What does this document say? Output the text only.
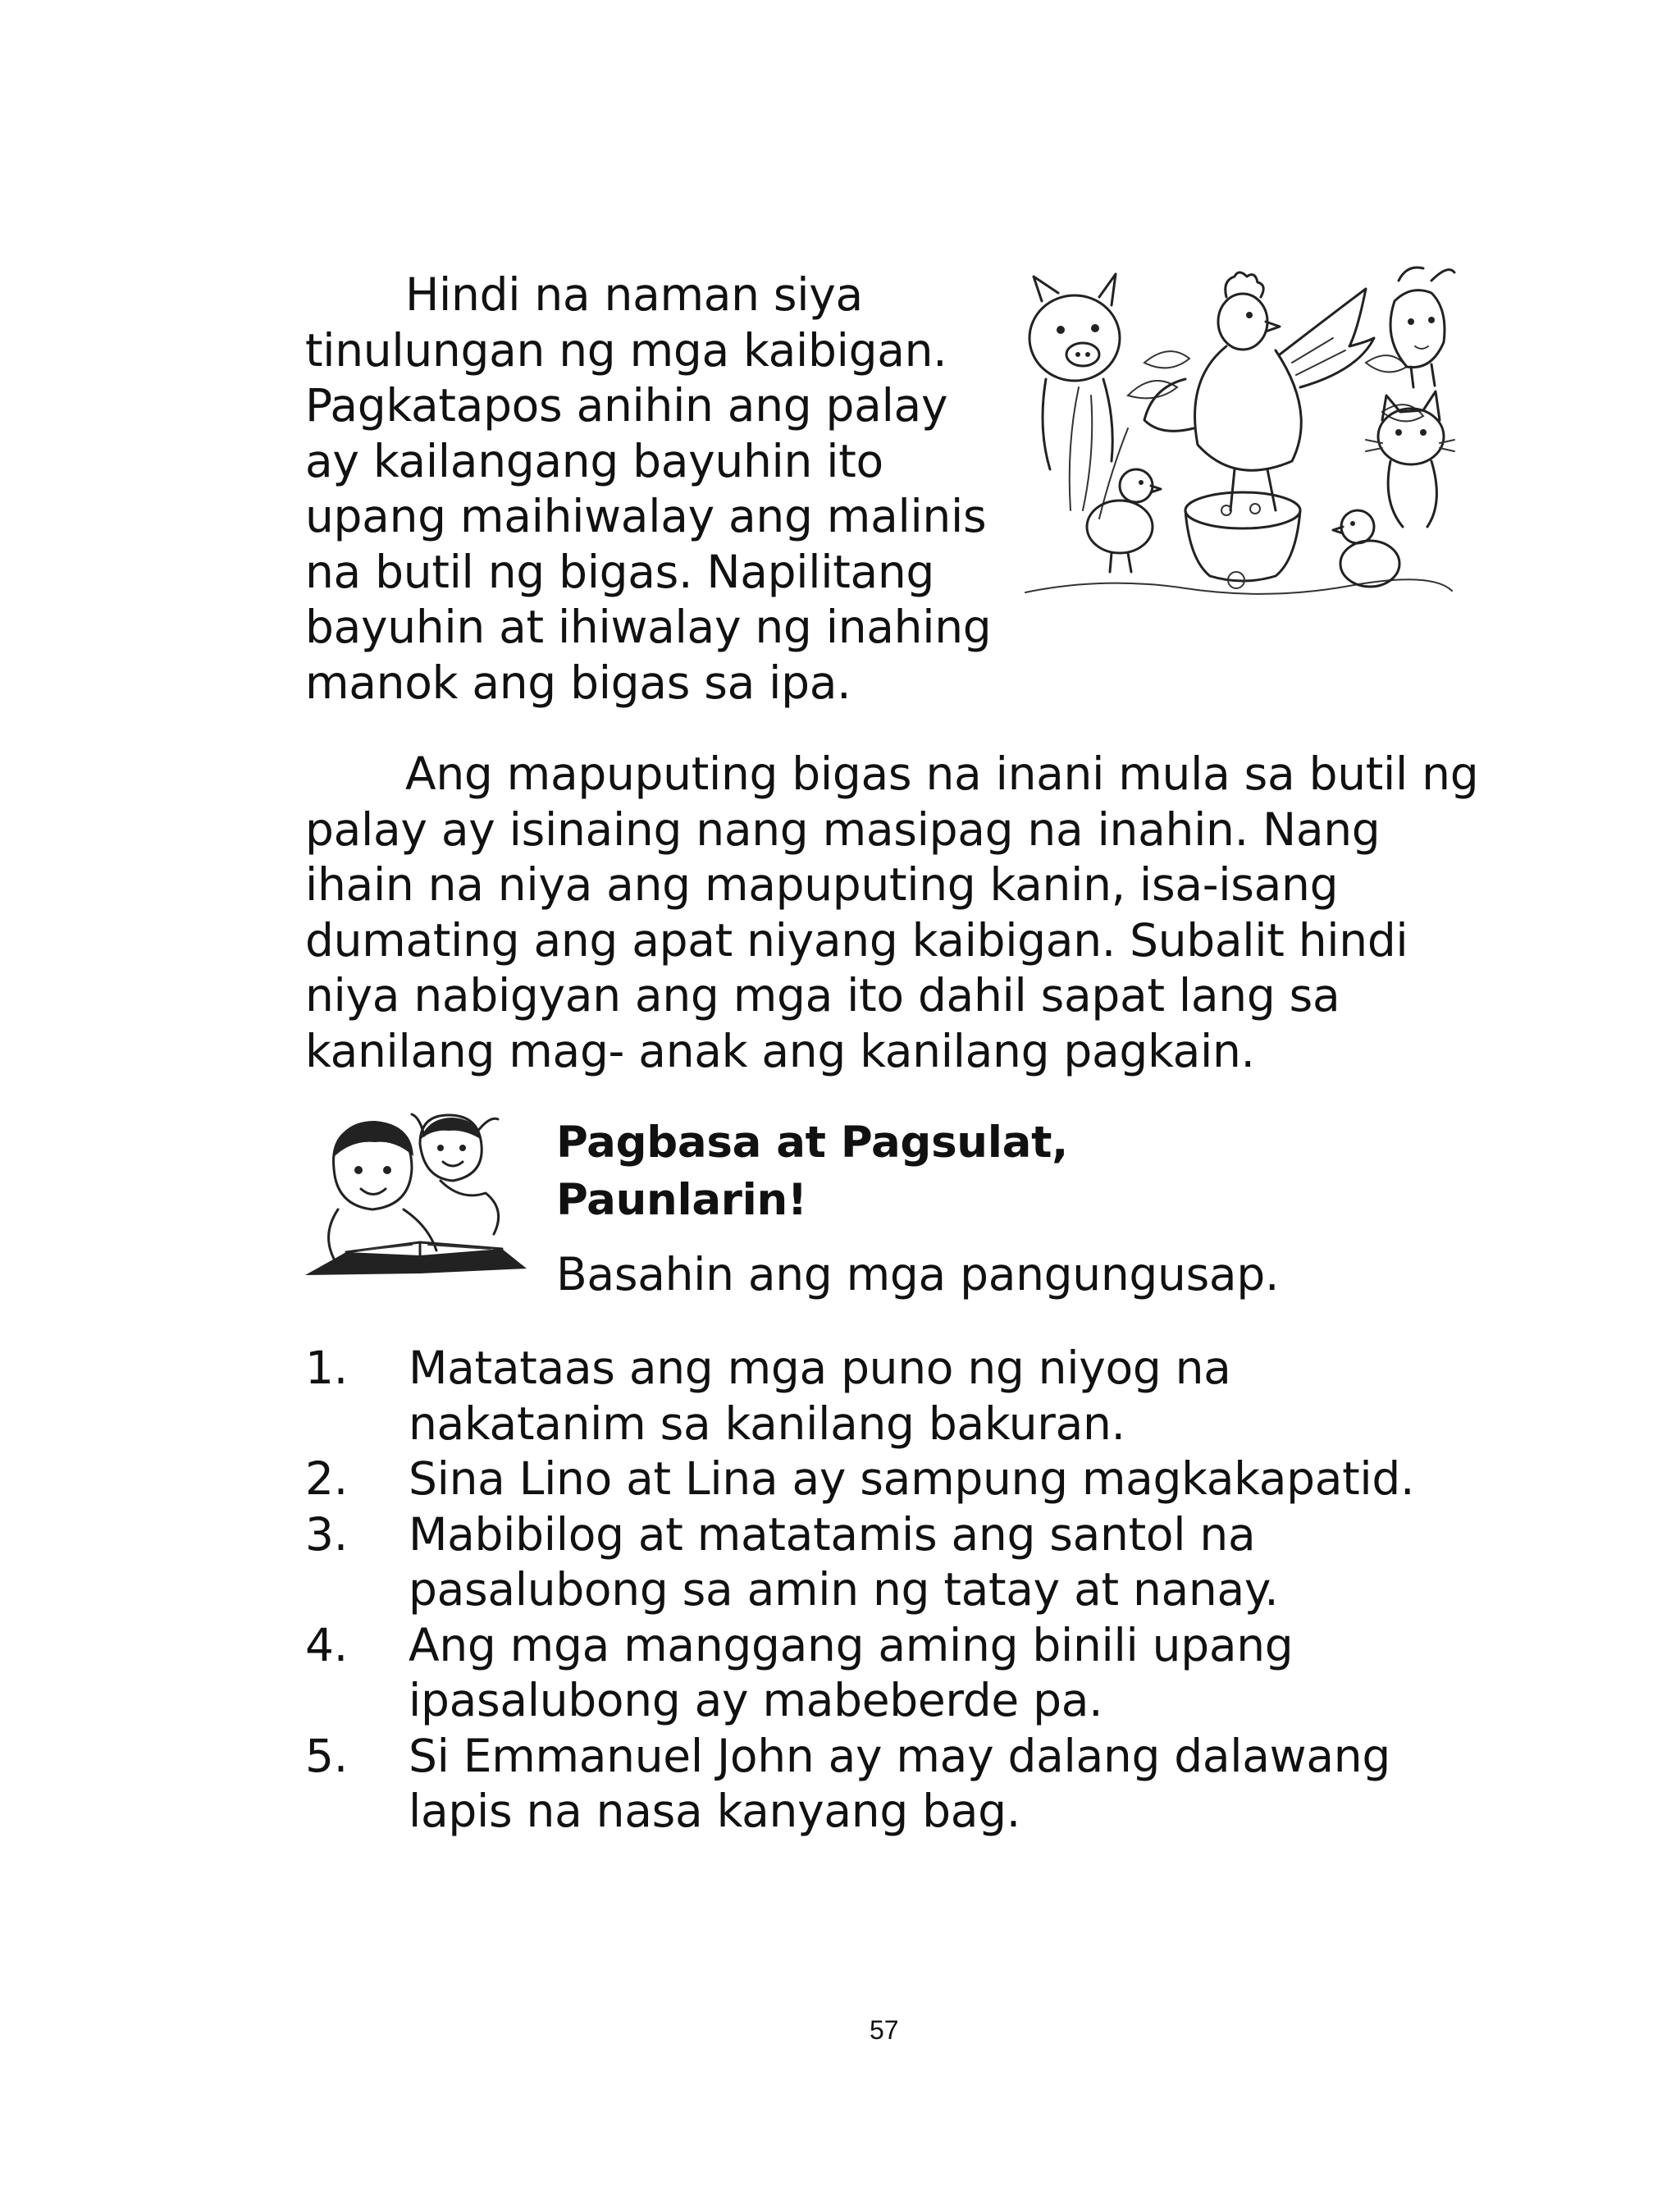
Hindi na naman siya
tinulungan ng mga kaibigan.
Pagkatapos anihin ang palay
ay kailangang bayuhin ito
upang maihiwalay ang malinis
na butil ng bigas. Napilitang
bayuhin at ihiwalay ng inahing
manok ang bigas sa ipa.
Ang mapuputing bigas na inani mula sa butil ng
palay ay isinaing nang masipag na inahin. Nang
ihain na niya ang mapuputing kanin, isa-isang
dumating ang apat niyang kaibigan. Subalit hindi
niya nabigyan ang mga ito dahil sapat lang sa
kanilang mag- anak ang kanilang pagkain.
Pagbasa at Pagsulat,
Paunlarin!
Basahin ang mga pangungusap.
1. Matataas ang mga puno ng niyog na
nakatanim sa kanilang bakuran.
2. Sina Lino at Lina ay sampung magkakapatid.
3. Mabibilog at matatamis ang santol na
pasalubong sa amin ng tatay at nanay.
4. Ang mga manggang aming binili upang
ipasalubong ay mabeberde pa.
5. Si Emmanuel John ay may dalang dalawang
lapis na nasa kanyang bag.
57
